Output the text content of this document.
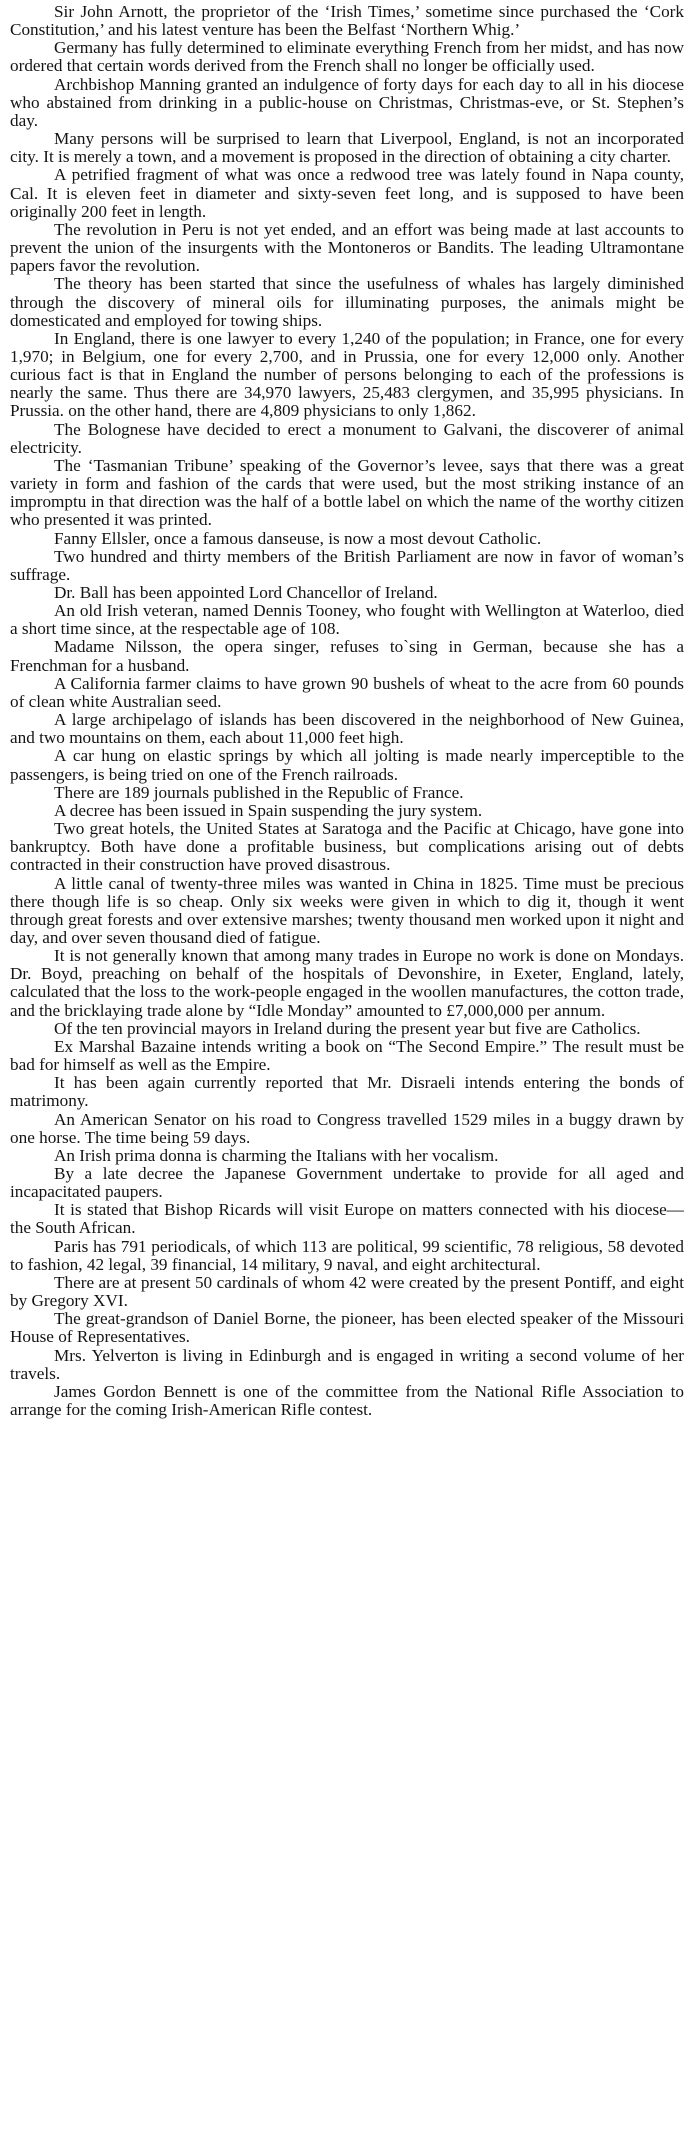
Sir John Arnott, the proprietor of the ‘Irish Times,’ sometime since purchased the ‘Cork Constitution,’ and his latest venture has been the Belfast ‘Northern Whig.’

Germany has fully determined to eliminate everything French from her midst, and has now ordered that certain words derived from the French shall no longer be officially used.

Archbishop Manning granted an indulgence of forty days for each day to all in his diocese who abstained from drinking in a public-house on Christmas, Christmas-eve, or St. Stephen’s day.

Many persons will be surprised to learn that Liverpool, England, is not an incorporated city. It is merely a town, and a movement is proposed in the direction of obtaining a city charter.

A petrified fragment of what was once a redwood tree was lately found in Napa county, Cal. It is eleven feet in diameter and sixty-seven feet long, and is supposed to have been originally 200 feet in length.

The revolution in Peru is not yet ended, and an effort was being made at last accounts to prevent the union of the insurgents with the Montoneros or Bandits. The leading Ultramontane papers favor the revolution.

The theory has been started that since the usefulness of whales has largely diminished through the discovery of mineral oils for illuminating purposes, the animals might be domesticated and employed for towing ships.

In England, there is one lawyer to every 1,240 of the population; in France, one for every 1,970; in Belgium, one for every 2,700, and in Prussia, one for every 12,000 only. Another curious fact is that in England the number of persons belonging to each of the professions is nearly the same. Thus there are 34,970 lawyers, 25,483 clergymen, and 35,995 physicians. In Prussia. on the other hand, there are 4,809 physicians to only 1,862.

The Bolognese have decided to erect a monument to Galvani, the discoverer of animal electricity.

The ‘Tasmanian Tribune’ speaking of the Governor’s levee, says that there was a great variety in form and fashion of the cards that were used, but the most striking instance of an impromptu in that direction was the half of a bottle label on which the name of the worthy citizen who presented it was printed.

Fanny Ellsler, once a famous danseuse, is now a most devout Catholic.

Two hundred and thirty members of the British Parliament are now in favor of woman’s suffrage.

Dr. Ball has been appointed Lord Chancellor of Ireland.

An old Irish veteran, named Dennis Tooney, who fought with Wellington at Waterloo, died a short time since, at the respectable age of 108.

Madame Nilsson, the opera singer, refuses to`sing in German, because she has a Frenchman for a husband.

A California farmer claims to have grown 90 bushels of wheat to the acre from 60 pounds of clean white Australian seed.

A large archipelago of islands has been discovered in the neighborhood of New Guinea, and two mountains on them, each about 11,000 feet high.

A car hung on elastic springs by which all jolting is made nearly imperceptible to the passengers, is being tried on one of the French railroads.

There are 189 journals published in the Republic of France.

A decree has been issued in Spain suspending the jury system.

Two great hotels, the United States at Saratoga and the Pacific at Chicago, have gone into bankruptcy. Both have done a profitable business, but complications arising out of debts contracted in their construction have proved disastrous.

A little canal of twenty-three miles was wanted in China in 1825. Time must be precious there though life is so cheap. Only six weeks were given in which to dig it, though it went through great forests and over extensive marshes; twenty thousand men worked upon it night and day, and over seven thousand died of fatigue.

It is not generally known that among many trades in Europe no work is done on Mondays. Dr. Boyd, preaching on behalf of the hospitals of Devonshire, in Exeter, England, lately, calculated that the loss to the work-people engaged in the woollen manufactures, the cotton trade, and the bricklaying trade alone by “Idle Monday” amounted to £7,000,000 per annum.

Of the ten provincial mayors in Ireland during the present year but five are Catholics.

Ex Marshal Bazaine intends writing a book on “The Second Empire.” The result must be bad for himself as well as the Empire.

It has been again currently reported that Mr. Disraeli intends entering the bonds of matrimony.

An American Senator on his road to Congress travelled 1529 miles in a buggy drawn by one horse. The time being 59 days.

An Irish prima donna is charming the Italians with her vocalism.

By a late decree the Japanese Government undertake to provide for all aged and incapacitated paupers.

It is stated that Bishop Ricards will visit Europe on matters connected with his diocese—the South African.

Paris has 791 periodicals, of which 113 are political, 99 scientific, 78 religious, 58 devoted to fashion, 42 legal, 39 financial, 14 military, 9 naval, and eight architectural.

There are at present 50 cardinals of whom 42 were created by the present Pontiff, and eight by Gregory XVI.

The great-grandson of Daniel Borne, the pioneer, has been elected speaker of the Missouri House of Representatives.

Mrs. Yelverton is living in Edinburgh and is engaged in writing a second volume of her travels.

James Gordon Bennett is one of the committee from the National Rifle Association to arrange for the coming Irish-American Rifle contest.
